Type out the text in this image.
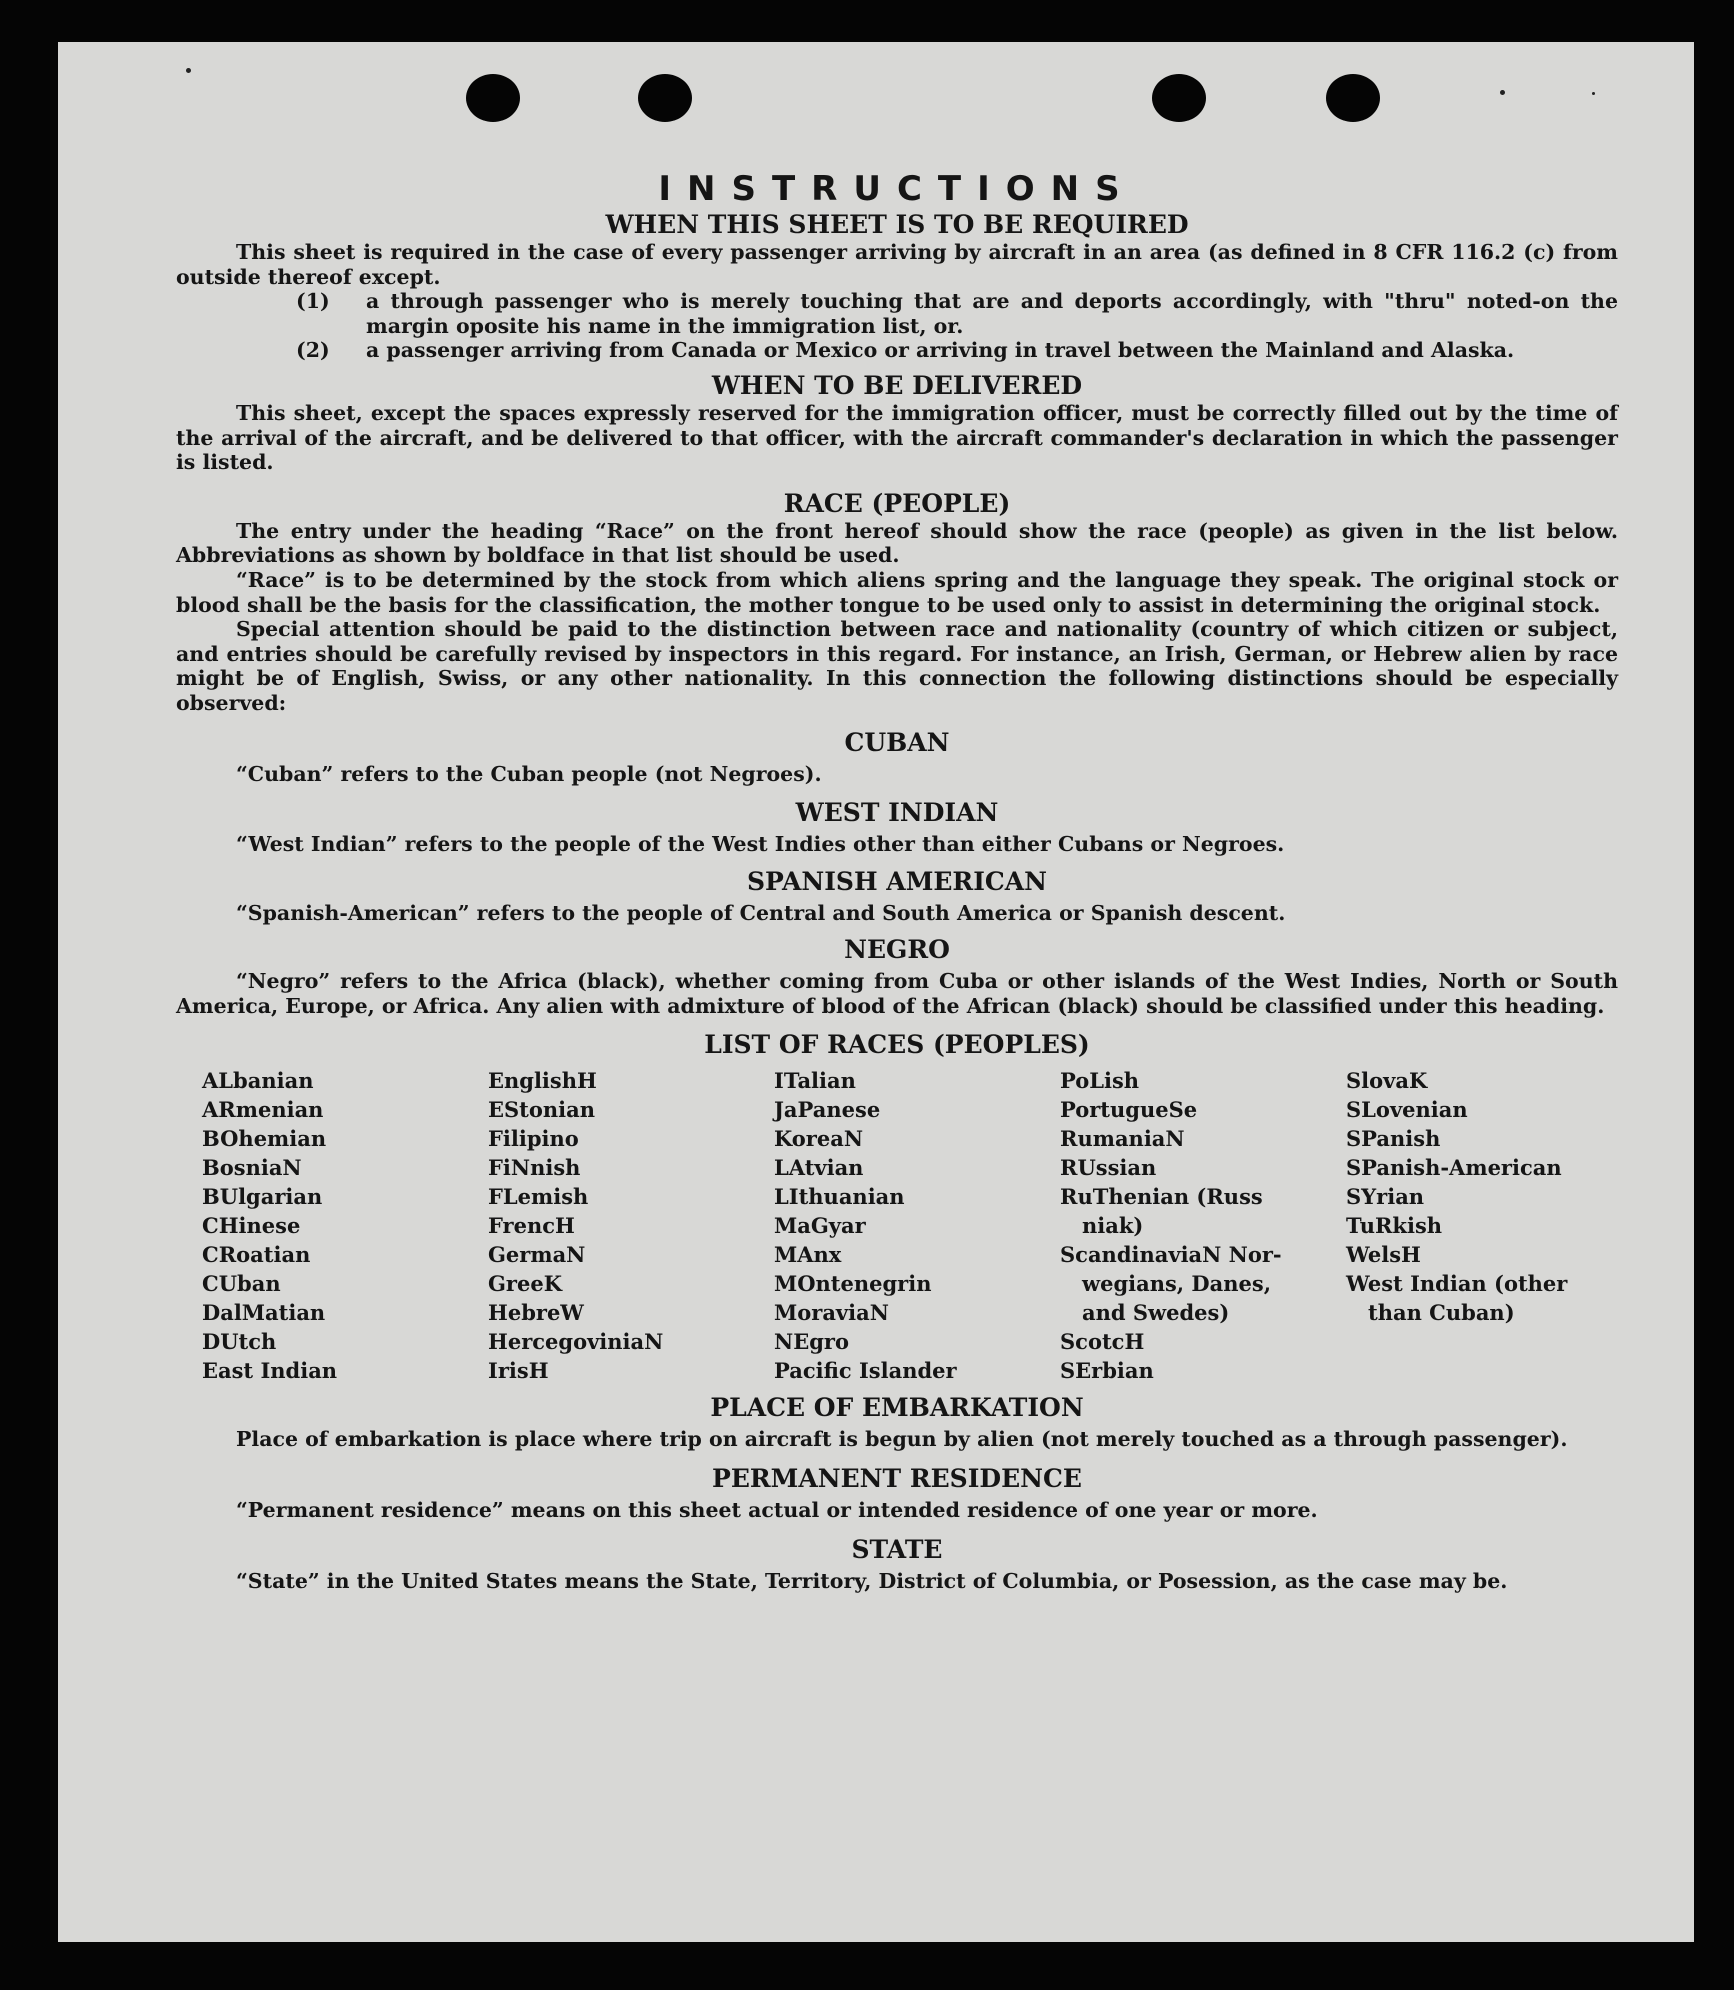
INSTRUCTIONS
WHEN THIS SHEET IS TO BE REQUIRED

This sheet is required in the case of every passenger arriving by aircraft in an area (as defined in 8 CFR 116.2 (c) from outside thereof except.

(1)	a through passenger who is merely touching that are and deports accordingly, with "thru" noted-on the margin oposite his name in the immigration list, or.
(2)	a passenger arriving from Canada or Mexico or arriving in travel between the Mainland and Alaska.
WHEN TO BE DELIVERED

This sheet, except the spaces expressly reserved for the immigration officer, must be correctly filled out by the time of the arrival of the aircraft, and be delivered to that officer, with the aircraft commander's declaration in which the passenger is listed.

RACE (PEOPLE)

The entry under the heading “Race” on the front hereof should show the race (people) as given in the list below. Abbreviations as shown by boldface in that list should be used.

“Race” is to be determined by the stock from which aliens spring and the language they speak. The original stock or blood shall be the basis for the classification, the mother tongue to be used only to assist in determining the original stock.

Special attention should be paid to the distinction between race and nationality (country of which citizen or subject, and entries should be carefully revised by inspectors in this regard. For instance, an Irish, German, or Hebrew alien by race might be of English, Swiss, or any other nationality. In this connection the following distinctions should be especially observed:

CUBAN

“Cuban” refers to the Cuban people (not Negroes).

WEST INDIAN

“West Indian” refers to the people of the West Indies other than either Cubans or Negroes.

SPANISH AMERICAN

“Spanish-American” refers to the people of Central and South America or Spanish descent.

NEGRO

“Negro” refers to the Africa (black), whether coming from Cuba or other islands of the West Indies, North or South America, Europe, or Africa. Any alien with admixture of blood of the African (black) should be classified under this heading.

LIST OF RACES (PEOPLES)
ALbanian
ARmenian
BOhemian
BosniaN
BUlgarian
CHinese
CRoatian
CUban
DalMatian
DUtch
East Indian
EnglishH
EStonian
Filipino
FiNnish
FLemish
FrencH
GermaN
GreeK
HebreW
HercegoviniaN
IrisH
ITalian
JaPanese
KoreaN
LAtvian
LIthuanian
MaGyar
MAnx
MOntenegrin
MoraviaN
NEgro
Pacific Islander
PoLish
PortugueSe
RumaniaN
RUssian
RuThenian (Russ
niak)
ScandinaviaN Nor-
wegians, Danes,
and Swedes)
ScotcH
SErbian
SlovaK
SLovenian
SPanish
SPanish-American
SYrian
TuRkish
WelsH
West Indian (other
than Cuban)
PLACE OF EMBARKATION

Place of embarkation is place where trip on aircraft is begun by alien (not merely touched as a through passenger).

PERMANENT RESIDENCE

“Permanent residence” means on this sheet actual or intended residence of one year or more.

STATE

“State” in the United States means the State, Territory, District of Columbia, or Posession, as the case may be.
